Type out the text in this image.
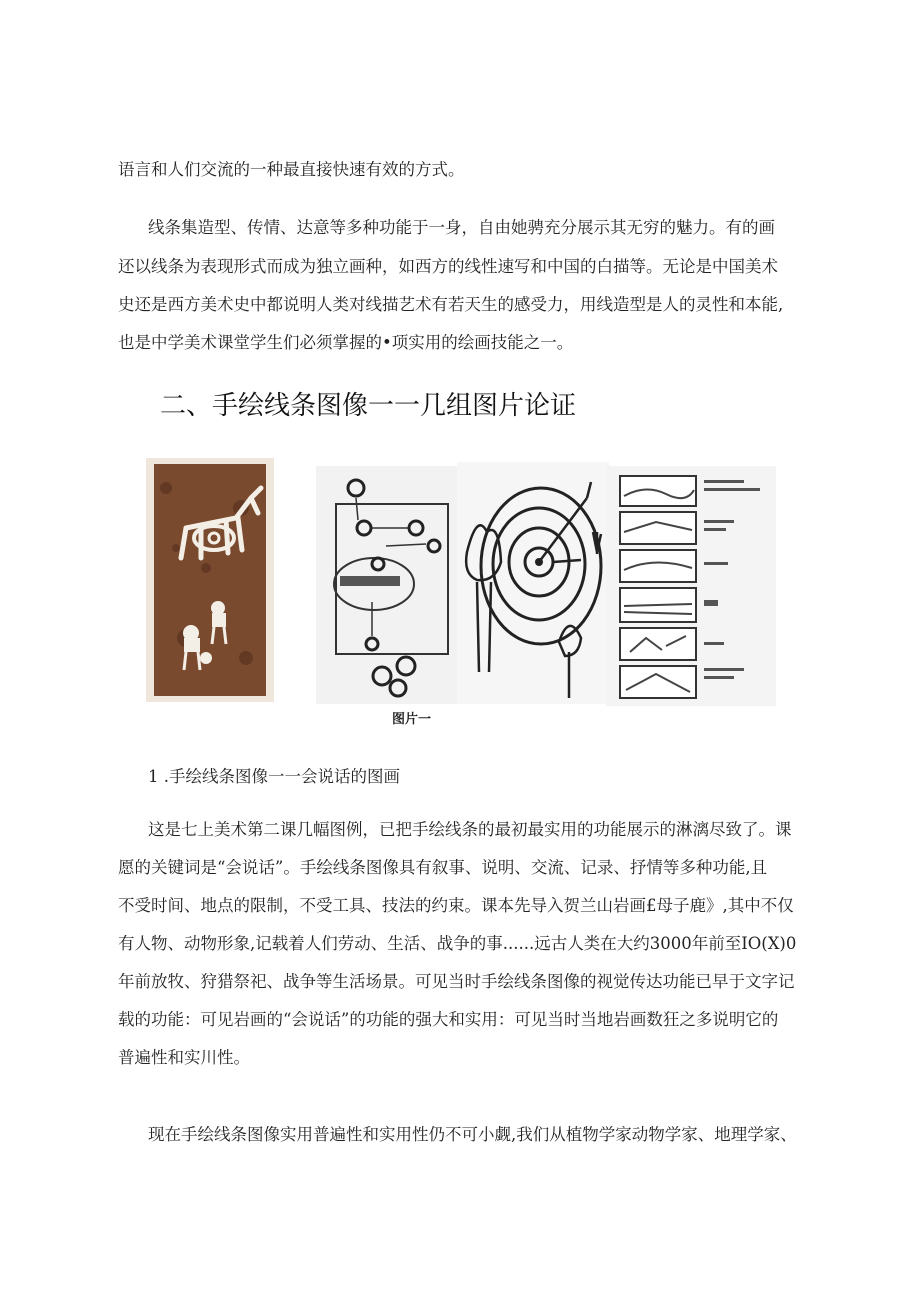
语言和人们交流的一种最直接快速有效的方式。
线条集造型、传情、达意等多种功能于一身，自由她骋充分展示其无穷的魅力。有的画
还以线条为表现形式而成为独立画种，如西方的线性速写和中国的白描等。无论是中国美术
史还是西方美术史中都说明人类对线描艺术有若天生的感受力，用线造型是人的灵性和本能,
也是中学美术课堂学生们必须掌握的•项实用的绘画技能之一。
二、手绘线条图像一一几组图片论证
图片一
1 .手绘线条图像一一会说话的图画
这是七上美术第二课几幅图例，已把手绘线条的最初最实用的功能展示的淋漓尽致了。课
愿的关键词是“会说话”。手绘线条图像具有叙事、说明、交流、记录、抒情等多种功能,且
不受时间、地点的限制，不受工具、技法的约束。课本先导入贺兰山岩画£母子鹿》,其中不仅
有人物、动物形象,记载着人们劳动、生活、战争的事......远古人类在大约3000年前至IO(X)0
年前放牧、狩猎祭祀、战争等生活场景。可见当时手绘线条图像的视觉传达功能已早于文字记
载的功能：可见岩画的“会说话”的功能的强大和实用：可见当时当地岩画数狂之多说明它的
普遍性和实川性。
现在手绘线条图像实用普遍性和实用性仍不可小觑,我们从植物学家动物学家、地理学家、
